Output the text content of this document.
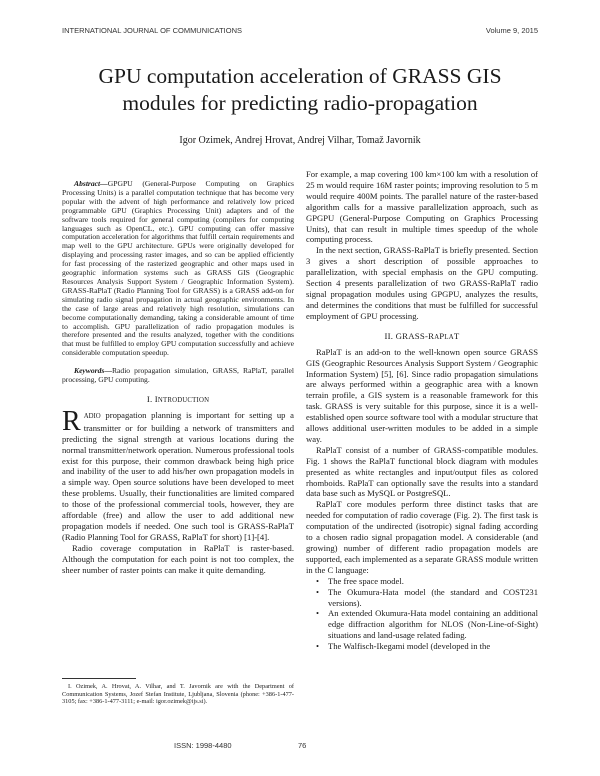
INTERNATIONAL JOURNAL OF COMMUNICATIONS	Volume 9, 2015
GPU computation acceleration of GRASS GIS
modules for predicting radio-propagation
Igor Ozimek, Andrej Hrovat, Andrej Vilhar, Tomaž Javornik

Abstract—GPGPU (General-Purpose Computing on Graphics Processing Units) is a parallel computation technique that has become very popular with the advent of high performance and relatively low priced programmable GPU (Graphics Processing Unit) adapters and of the software tools required for general computing (compilers for computing languages such as OpenCL, etc.). GPU computing can offer massive computation acceleration for algorithms that fulfill certain requirements and map well to the GPU architecture. GPUs were originally developed for displaying and processing raster images, and so can be applied efficiently for fast processing of the rasterized geographic and other maps used in geographic information systems such as GRASS GIS (Geographic Resources Analysis Support System / Geographic Information System). GRASS-RaPlaT (Radio Planning Tool for GRASS) is a GRASS add-on for simulating radio signal propagation in actual geographic environments. In the case of large areas and relatively high resolution, simulations can become computationally demanding, taking a considerable amount of time to accomplish. GPU parallelization of radio propagation modules is therefore presented and the results analyzed, together with the conditions that must be fulfilled to employ GPU computation successfully and achieve considerable computation speedup.

Keywords—Radio propagation simulation, GRASS, RaPlaT, parallel processing, GPU computing.

I. INTRODUCTION

RADIO propagation planning is important for setting up a transmitter or for building a network of transmitters and predicting the signal strength at various locations during the normal transmitter/network operation. Numerous professional tools exist for this purpose, their common drawback being high price and inability of the user to add his/her own propagation models in a simple way. Open source solutions have been developed to meet these problems. Usually, their functionalities are limited compared to those of the professional commercial tools, however, they are affordable (free) and allow the user to add additional new propagation models if needed. One such tool is GRASS-RaPlaT (Radio Planning Tool for GRASS, RaPlaT for short) [1]-[4].

Radio coverage computation in RaPlaT is raster-based. Although the computation for each point is not too complex, the sheer number of raster points can make it quite demanding.

I. Ozimek, A. Hrovat, A. Vilhar, and T. Javornik are with the Department of Communication Systems, Jozef Stefan Institute, Ljubljana, Slovenia (phone: +386-1-477-3105; fax: +386-1-477-3111; e-mail: igor.ozimek@ijs.si).

For example, a map covering 100 km×100 km with a resolution of 25 m would require 16M raster points; improving resolution to 5 m would require 400M points. The parallel nature of the raster-based algorithm calls for a massive parallelization approach, such as GPGPU (General-Purpose Computing on Graphics Processing Units), that can result in multiple times speedup of the whole computing process.

In the next section, GRASS-RaPlaT is briefly presented. Section 3 gives a short description of possible approaches to parallelization, with special emphasis on the GPU computing. Section 4 presents parallelization of two GRASS-RaPlaT radio signal propagation modules using GPGPU, analyzes the results, and determines the conditions that must be fulfilled for successful employment of GPU processing.

II. GRASS-RAPLAT

RaPlaT is an add-on to the well-known open source GRASS GIS (Geographic Resources Analysis Support System / Geographic Information System) [5], [6]. Since radio propagation simulations are always performed within a geographic area with a known terrain profile, a GIS system is a reasonable framework for this task. GRASS is very suitable for this purpose, since it is a well-established open source software tool with a modular structure that allows additional user-written modules to be added in a simple way.

RaPlaT consist of a number of GRASS-compatible modules. Fig. 1 shows the RaPlaT functional block diagram with modules presented as white rectangles and input/output files as colored rhomboids. RaPlaT can optionally save the results into a standard data base such as MySQL or PostgreSQL.

RaPlaT core modules perform three distinct tasks that are needed for computation of radio coverage (Fig. 2). The first task is computation of the undirected (isotropic) signal fading according to a chosen radio signal propagation model. A considerable (and growing) number of different radio propagation models are supported, each implemented as a separate GRASS module written in the C language:

• The free space model.
• The Okumura-Hata model (the standard and COST231 versions).
• An extended Okumura-Hata model containing an additional edge diffraction algorithm for NLOS (Non-Line-of-Sight) situations and land-usage related fading.
• The Walfisch-Ikegami model (developed in the
ISSN: 1998-4480	76
